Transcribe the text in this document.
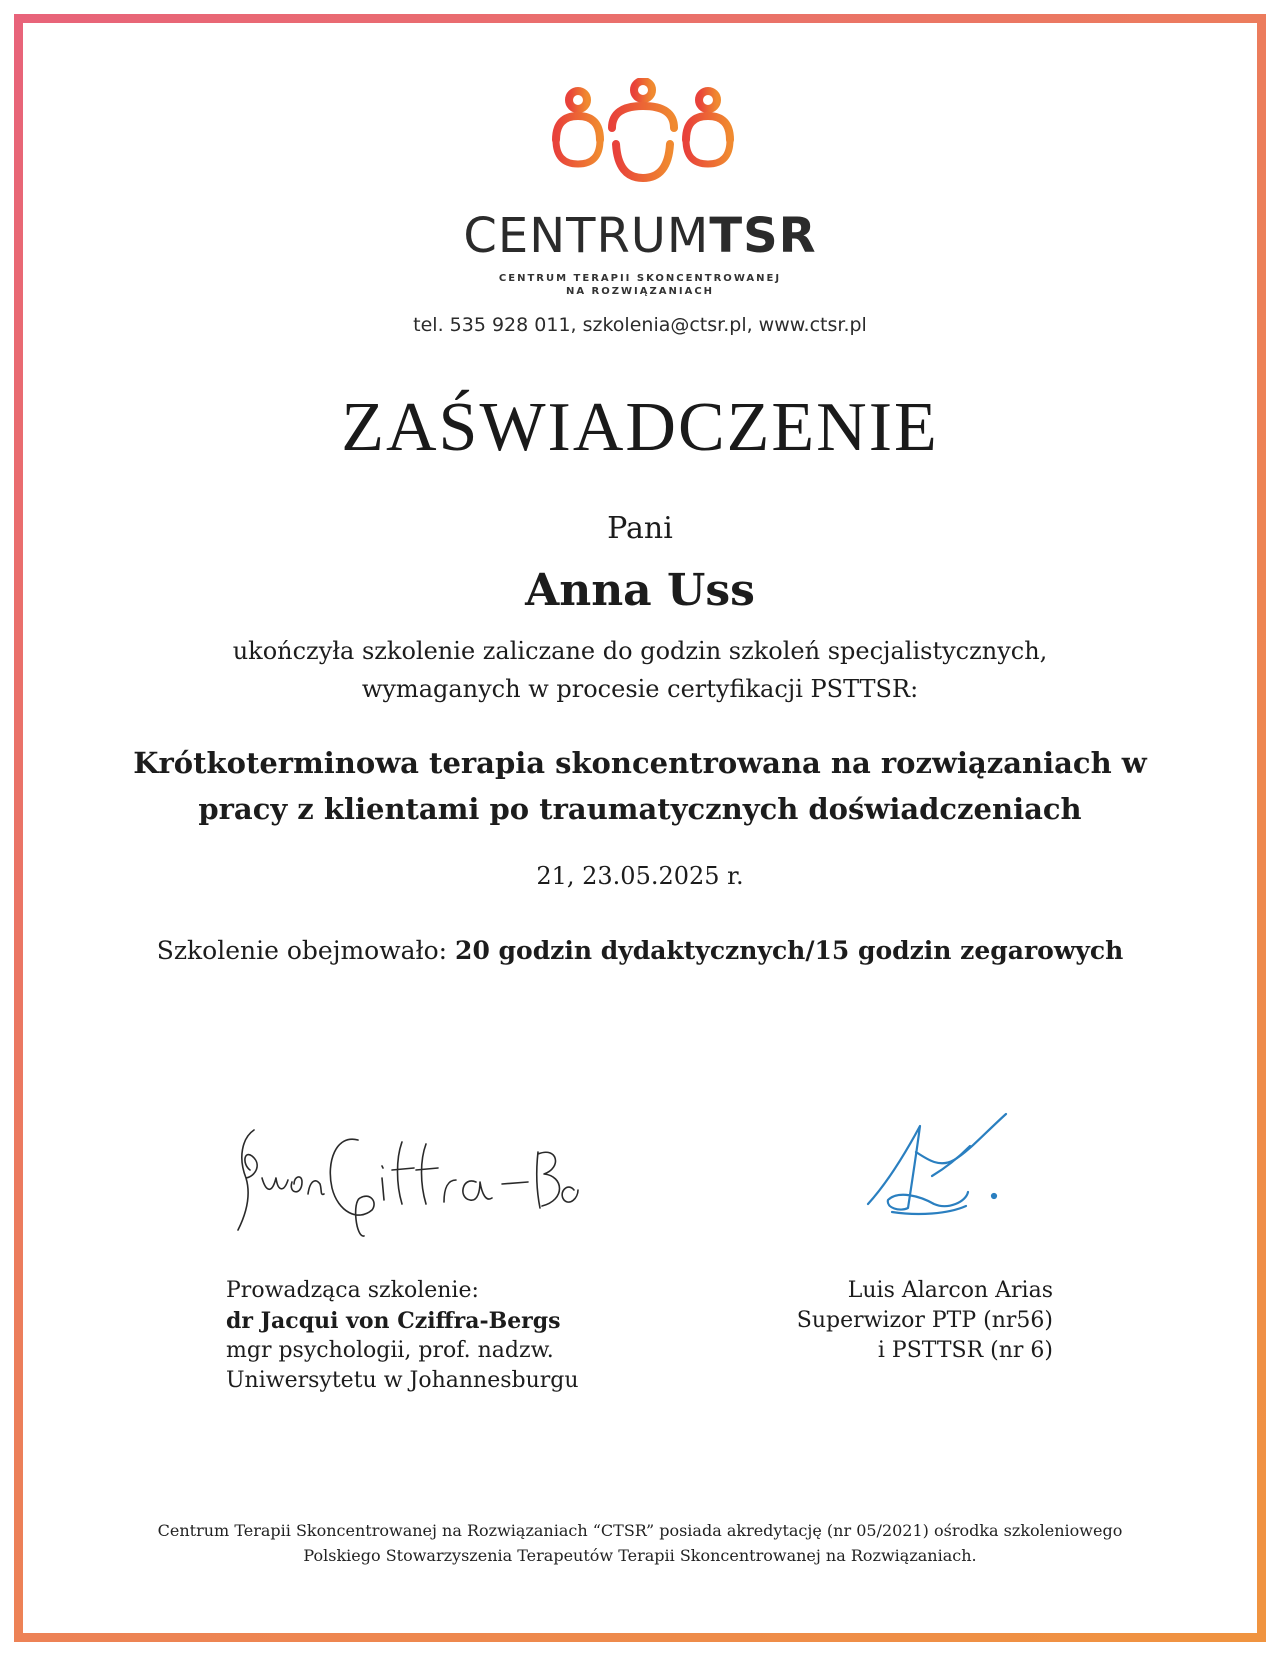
CENTRUMTSR
CENTRUM TERAPII SKONCENTROWANEJ
NA ROZWIĄZANIACH
tel. 535 928 011, szkolenia@ctsr.pl, www.ctsr.pl
ZAŚWIADCZENIE
Pani
Anna Uss
ukończyła szkolenie zaliczane do godzin szkoleń specjalistycznych,
wymaganych w procesie certyfikacji PSTTSR:
Krótkoterminowa terapia skoncentrowana na rozwiązaniach w
pracy z klientami po traumatycznych doświadczeniach
21, 23.05.2025 r.
Szkolenie obejmowało: 20 godzin dydaktycznych/15 godzin zegarowych
Prowadząca szkolenie:
dr Jacqui von Cziffra-Bergs
mgr psychologii, prof. nadzw.
Uniwersytetu w Johannesburgu
Luis Alarcon Arias
Superwizor PTP (nr56)
i PSTTSR (nr 6)
Centrum Terapii Skoncentrowanej na Rozwiązaniach “CTSR” posiada akredytację (nr 05/2021) ośrodka szkoleniowego
Polskiego Stowarzyszenia Terapeutów Terapii Skoncentrowanej na Rozwiązaniach.
